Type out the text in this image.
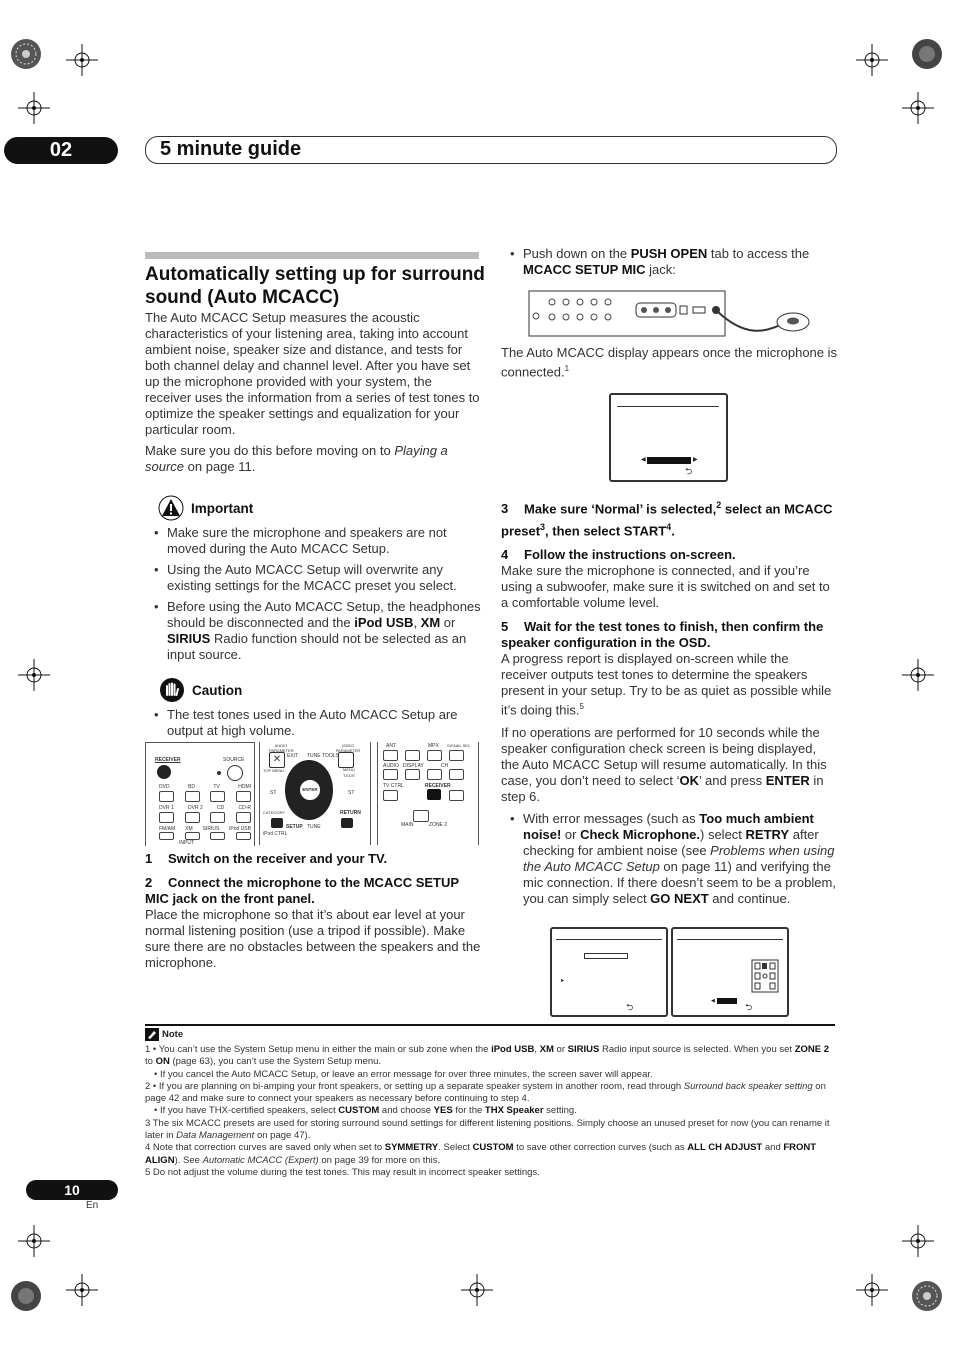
02	5 minute guide
Automatically setting up for surround sound (Auto MCACC)

The Auto MCACC Setup measures the acoustic characteristics of your listening area, taking into account ambient noise, speaker size and distance, and tests for both channel delay and channel level. After you have set up the microphone provided with your system, the receiver uses the information from a series of test tones to optimize the speaker settings and equalization for your particular room.

Make sure you do this before moving on to Playing a source on page 11.

Important
• Make sure the microphone and speakers are not moved during the Auto MCACC Setup.
• Using the Auto MCACC Setup will overwrite any existing settings for the MCACC preset you select.
• Before using the Auto MCACC Setup, the headphones should be disconnected and the iPod USB, XM or SIRIUS Radio function should not be selected as an input source.
Caution
• The test tones used in the Auto MCACC Setup are output at high volume.
RECEIVER	SOURCE
DVD	BD	TV	HDMI
DVR 1	DVR 2	CD	CD-R
FM/AM XM SIRIUS iPod USB
INPUT
AUDIO PARAMETER
VIDEO PARAMETER
EXIT TUNE TOOLS
✕
TOP MENU	MENU
T.EDIT
ST	ST
ENTER
CATEGORY
SETUP TUNE
RETURN
iPod CTRL
ANT	MPX SIGNAL SEL
AUDIO DISPLAY	CH
TV CTRL	RECEIVER
MAIN	ZONE 2
1 Switch on the receiver and your TV.
2 Connect the microphone to the MCACC SETUP MIC jack on the front panel.

Place the microphone so that it’s about ear level at your normal listening position (use a tripod if possible). Make sure there are no obstacles between the speakers and the microphone.

• Push down on the PUSH OPEN tab to access the MCACC SETUP MIC jack:

The Auto MCACC display appears once the microphone is connected.$^1$

◀	▶
⮌
3 Make sure ‘Normal’ is selected,$^2$ select an MCACC preset$^3$, then select START$^4$.
4 Follow the instructions on-screen.

Make sure the microphone is connected, and if you’re using a subwoofer, make sure it is switched on and set to a comfortable volume level.

5 Wait for the test tones to finish, then confirm the speaker configuration in the OSD.

A progress report is displayed on-screen while the receiver outputs test tones to determine the speakers present in your setup. Try to be as quiet as possible while it’s doing this.$^5$

If no operations are performed for 10 seconds while the speaker configuration check screen is being displayed, the Auto MCACC Setup will resume automatically. In this case, you don’t need to select ‘OK’ and press ENTER in step 6.

• With error messages (such as Too much ambient noise! or Check Microphone.) select RETRY after checking for ambient noise (see Problems when using the Auto MCACC Setup on page 11) and verifying the mic connection. If there doesn’t seem to be a problem, you can simply select GO NEXT and continue.
▸
⮌
◀
⮌
Note

1 • You can’t use the System Setup menu in either the main or sub zone when the iPod USB, XM or SIRIUS Radio input source is selected. When you set ZONE 2 to ON (page 63), you can’t use the System Setup menu.

• If you cancel the Auto MCACC Setup, or leave an error message for over three minutes, the screen saver will appear.

2 • If you are planning on bi-amping your front speakers, or setting up a separate speaker system in another room, read through Surround back speaker setting on page 42 and make sure to connect your speakers as necessary before continuing to step 4.

• If you have THX-certified speakers, select CUSTOM and choose YES for the THX Speaker setting.

3 The six MCACC presets are used for storing surround sound settings for different listening positions. Simply choose an unused preset for now (you can rename it later in Data Management on page 47).

4 Note that correction curves are saved only when set to SYMMETRY. Select CUSTOM to save other correction curves (such as ALL CH ADJUST and FRONT ALIGN). See Automatic MCACC (Expert) on page 39 for more on this.

5 Do not adjust the volume during the test tones. This may result in incorrect speaker settings.

10
En
